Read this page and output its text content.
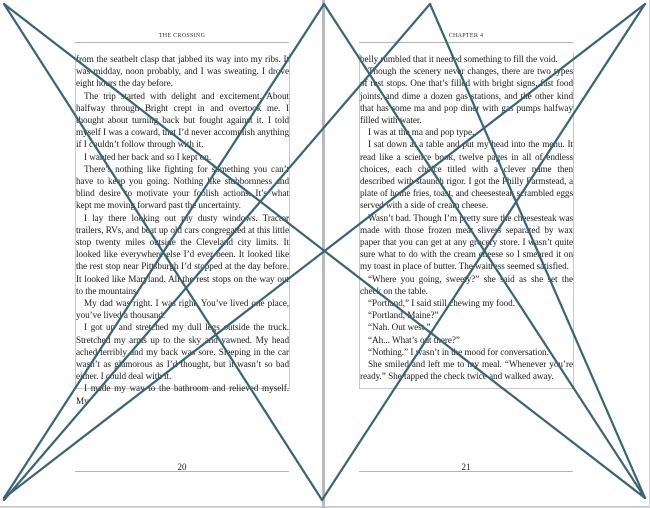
THE CROSSING

from the seatbelt clasp that jabbed its way into my ribs. It was midday, noon probably, and I was sweating. I drove eight hours the day before.

The trip started with delight and excitement. About halfway through Bright crept in and overtook me. I thought about turning back but fought against it. I told myself I was a coward, that I’d never accomplish anything if I couldn’t follow through with it.

I wanted her back and so I kept on.

There’s nothing like fighting for something you can’t have to keep you going. Nothing like stubbornness and blind desire to motivate your foolish actions. It’s what kept me moving forward past the uncertainty.

I lay there looking out my dusty windows. Tractor trailers, RVs, and beat up old cars congregated at this little stop twenty miles outside the Cleveland city limits. It looked like everywhere else I’d ever been. It looked like the rest stop near Pittsburgh I’d stopped at the day before. It looked like Maryland. All the rest stops on the way out to the mountains.

My dad was right. I was right. You’ve lived one place, you’ve lived a thousand.

I got up and stretched my dull legs outside the truck. Stretched my arms up to the sky and yawned. My head ached terribly and my back was sore. Sleeping in the car wasn’t as glamorous as I’d thought, but it wasn’t so bad either. I could deal with it.

I made my way to the bathroom and relieved myself. My

20
CHAPTER 4

belly rumbled that it needed something to fill the void.

Though the scenery never changes, there are two types of rest stops. One that’s filled with bright signs, fast food joints, and dime a dozen gas stations, and the other kind that has some ma and pop diner with gas pumps halfway filled with water.

I was at the ma and pop type.

I sat down at a table and put my head into the menu. It read like a science book, twelve pages in all of endless choices, each choice titled with a clever name then described with staunch rigor. I got the Philly Farmstead, a plate of home fries, toast, and cheesesteak scrambled eggs served with a side of cream cheese.

Wasn’t bad. Though I’m pretty sure the cheesesteak was made with those frozen meat slivers separated by wax paper that you can get at any grocery store. I wasn’t quite sure what to do with the cream cheese so I smeared it on my toast in place of butter. The waitress seemed satisfied.

“Where you going, sweety?” she said as she set the check on the table.

“Portland,” I said still chewing my food.

“Portland, Maine?”

“Nah. Out west.”

“Ah... What’s out there?”

“Nothing.” I wasn’t in the mood for conversation.

She smiled and left me to my meal. “Whenever you’re ready.” She tapped the check twice and walked away.

21
